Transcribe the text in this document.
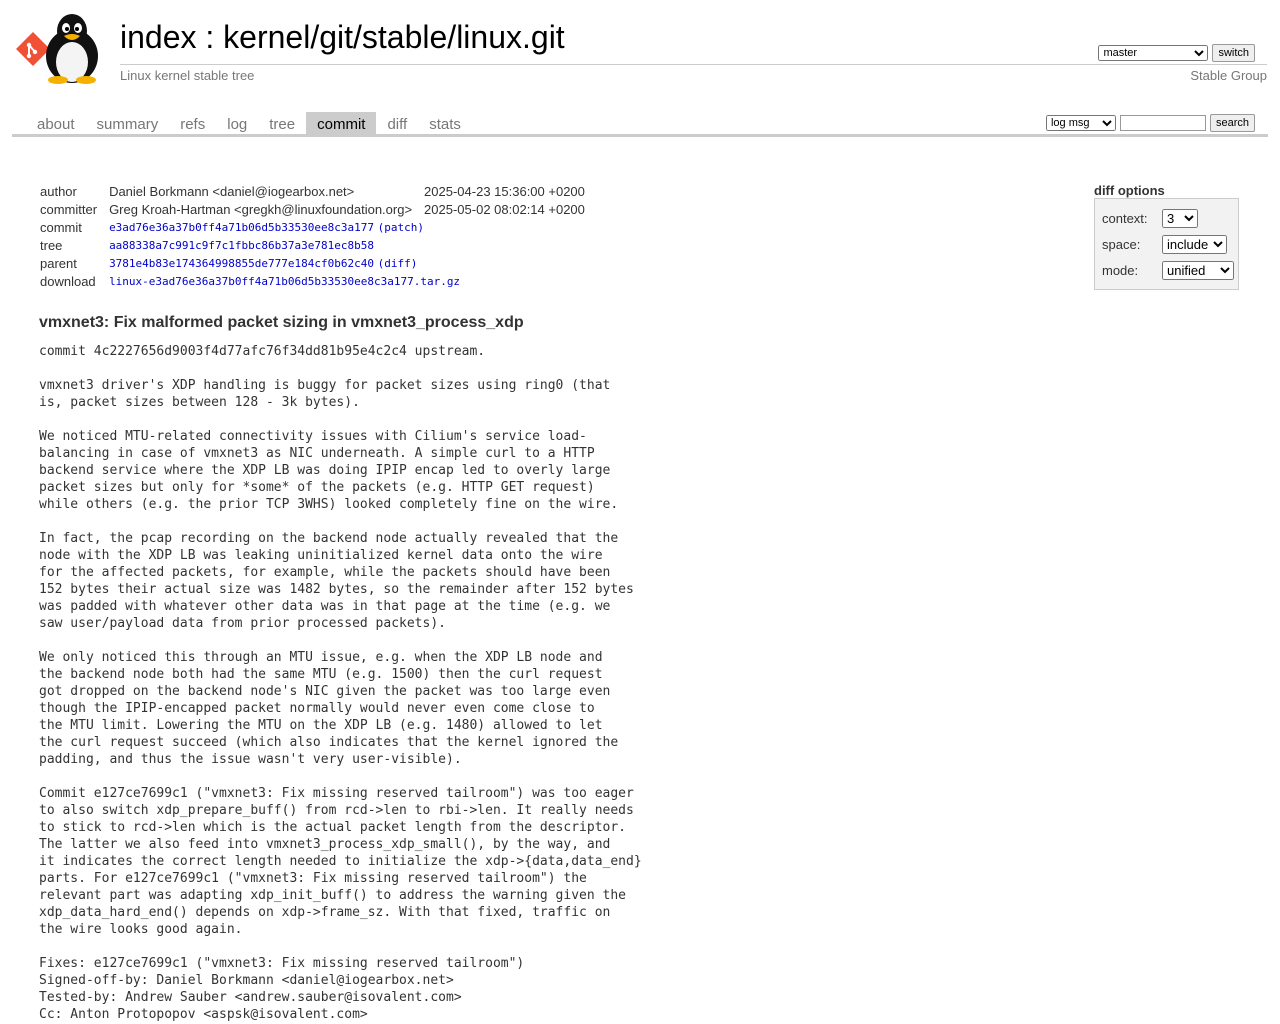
index : kernel/git/stable/linux.git
Linux kernel stable tree	Stable Group
master
switch
about	summary	refs	log	tree	commit	diff	stats
log msg	search
author	Daniel Borkmann <daniel@iogearbox.net>	2025-04-23 15:36:00 +0200
committer	Greg Kroah-Hartman <gregkh@linuxfoundation.org>	2025-05-02 08:02:14 +0200
commit	e3ad76e36a37b0ff4a71b06d5b33530ee8c3a177 (patch)	
tree	aa88338a7c991c9f7c1fbbc86b37a3e781ec8b58	
parent	3781e4b83e174364998855de777e184cf0b62c40 (diff)	
download	linux-e3ad76e36a37b0ff4a71b06d5b33530ee8c3a177.tar.gz	
diff options
context:
3
space:
include
mode:
unified
vmxnet3: Fix malformed packet sizing in vmxnet3_process_xdp
commit 4c2227656d9003f4d77afc76f34dd81b95e4c2c4 upstream.
vmxnet3 driver's XDP handling is buggy for packet sizes using ring0 (that
is, packet sizes between 128 - 3k bytes).
We noticed MTU-related connectivity issues with Cilium's service load-
balancing in case of vmxnet3 as NIC underneath. A simple curl to a HTTP
backend service where the XDP LB was doing IPIP encap led to overly large
packet sizes but only for *some* of the packets (e.g. HTTP GET request)
while others (e.g. the prior TCP 3WHS) looked completely fine on the wire.
In fact, the pcap recording on the backend node actually revealed that the
node with the XDP LB was leaking uninitialized kernel data onto the wire
for the affected packets, for example, while the packets should have been
152 bytes their actual size was 1482 bytes, so the remainder after 152 bytes
was padded with whatever other data was in that page at the time (e.g. we
saw user/payload data from prior processed packets).
We only noticed this through an MTU issue, e.g. when the XDP LB node and
the backend node both had the same MTU (e.g. 1500) then the curl request
got dropped on the backend node's NIC given the packet was too large even
though the IPIP-encapped packet normally would never even come close to
the MTU limit. Lowering the MTU on the XDP LB (e.g. 1480) allowed to let
the curl request succeed (which also indicates that the kernel ignored the
padding, and thus the issue wasn't very user-visible).
Commit e127ce7699c1 ("vmxnet3: Fix missing reserved tailroom") was too eager
to also switch xdp_prepare_buff() from rcd->len to rbi->len. It really needs
to stick to rcd->len which is the actual packet length from the descriptor.
The latter we also feed into vmxnet3_process_xdp_small(), by the way, and
it indicates the correct length needed to initialize the xdp->{data,data_end}
parts. For e127ce7699c1 ("vmxnet3: Fix missing reserved tailroom") the
relevant part was adapting xdp_init_buff() to address the warning given the
xdp_data_hard_end() depends on xdp->frame_sz. With that fixed, traffic on
the wire looks good again.
Fixes: e127ce7699c1 ("vmxnet3: Fix missing reserved tailroom")
Signed-off-by: Daniel Borkmann <daniel@iogearbox.net>
Tested-by: Andrew Sauber <andrew.sauber@isovalent.com>
Cc: Anton Protopopov <aspsk@isovalent.com>
